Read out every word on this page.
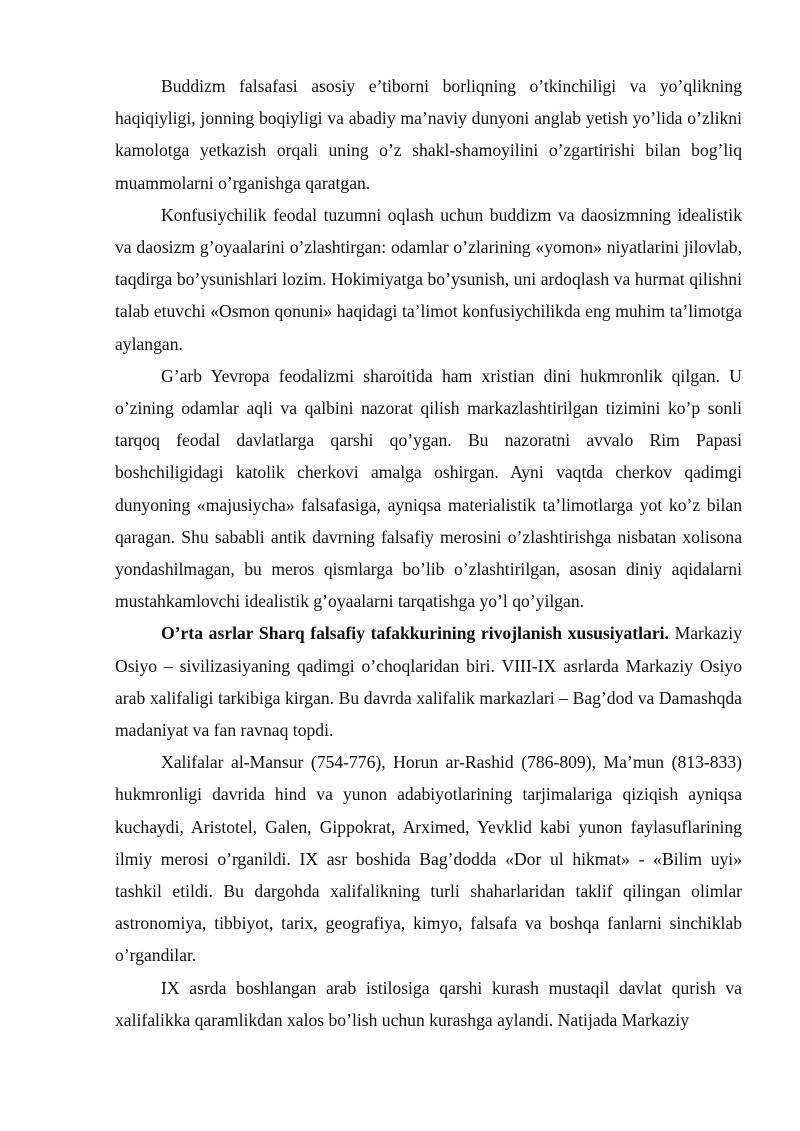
Buddizm falsafasi asosiy e’tiborni borliqning o’tkinchiligi va yo’qlikning haqiqiyligi, jonning boqiyligi va abadiy ma’naviy dunyoni anglab yetish yo’lida o’zlikni kamolotga yetkazish orqali uning o’z shakl-shamoyilini o’zgartirishi bilan bog’liq muammolarni o’rganishga qaratgan.

Konfusiychilik feodal tuzumni oqlash uchun buddizm va daosizmning idealistik va daosizm g’oyaalarini o’zlashtirgan: odamlar o’zlarining «yomon» niyatlarini jilovlab, taqdirga bo’ysunishlari lozim. Hokimiyatga bo’ysunish, uni ardoqlash va hurmat qilishni talab etuvchi «Osmon qonuni» haqidagi ta’limot konfusiychilikda eng muhim ta’limotga aylangan.

G’arb Yevropa feodalizmi sharoitida ham xristian dini hukmronlik qilgan. U o’zining odamlar aqli va qalbini nazorat qilish markazlashtirilgan tizimini ko’p sonli tarqoq feodal davlatlarga qarshi qo’ygan. Bu nazoratni avvalo Rim Papasi boshchiligidagi katolik cherkovi amalga oshirgan. Ayni vaqtda cherkov qadimgi dunyoning «majusiycha» falsafasiga, ayniqsa materialistik ta’limotlarga yot ko’z bilan qaragan. Shu sababli antik davrning falsafiy merosini o’zlashtirishga nisbatan xolisona yondashilmagan, bu meros qismlarga bo’lib o’zlashtirilgan, asosan diniy aqidalarni mustahkamlovchi idealistik g’oyaalarni tarqatishga yo’l qo’yilgan.

O’rta asrlar Sharq falsafiy tafakkurining rivojlanish xususiyatlari. Markaziy Osiyo – sivilizasiyaning qadimgi o’choqlaridan biri. VIII-IX asrlarda Markaziy Osiyo arab xalifaligi tarkibiga kirgan. Bu davrda xalifalik markazlari – Bag’dod va Damashqda madaniyat va fan ravnaq topdi.

Xalifalar al-Mansur (754-776), Horun ar-Rashid (786-809), Ma’mun (813-833) hukmronligi davrida hind va yunon adabiyotlarining tarjimalariga qiziqish ayniqsa kuchaydi, Aristotel, Galen, Gippokrat, Arximed, Yevklid kabi yunon faylasuflarining ilmiy merosi o’rganildi. IX asr boshida Bag’dodda «Dor ul hikmat» - «Bilim uyi» tashkil etildi. Bu dargohda xalifalikning turli shaharlaridan taklif qilingan olimlar astronomiya, tibbiyot, tarix, geografiya, kimyo, falsafa va boshqa fanlarni sinchiklab o’rgandilar.

IX asrda boshlangan arab istilosiga qarshi kurash mustaqil davlat qurish va xalifalikka qaramlikdan xalos bo’lish uchun kurashga aylandi. Natijada Markaziy
